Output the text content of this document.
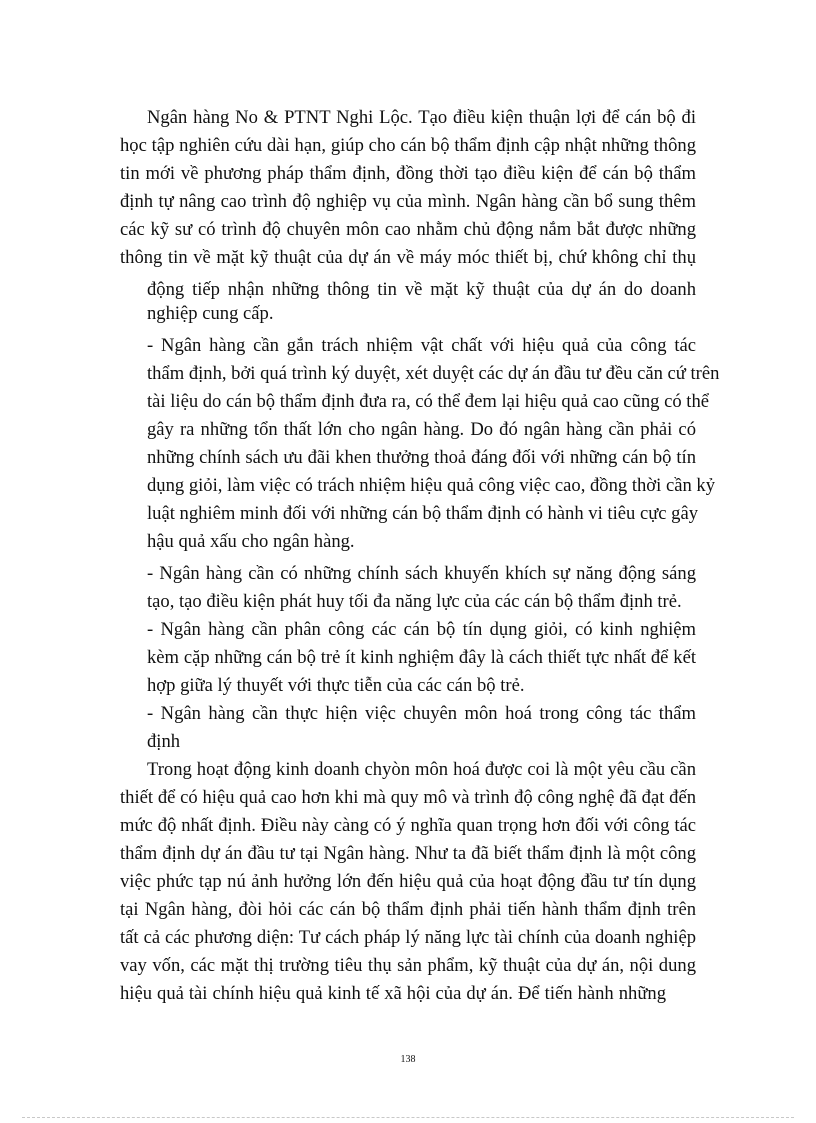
Ngân hàng No & PTNT Nghi Lộc. Tạo điều kiện thuận lợi để cán bộ đi
học tập nghiên cứu dài hạn, giúp cho cán bộ thẩm định cập nhật những thông
tin mới về phương pháp thẩm định, đồng thời tạo điều kiện để cán bộ thẩm
định tự nâng cao trình độ nghiệp vụ của mình. Ngân hàng cần bổ sung thêm
các kỹ sư có trình độ chuyên môn cao nhằm chủ động nắm bắt được những
thông tin về mặt kỹ thuật của dự án về máy móc thiết bị, chứ không chỉ thụ
động tiếp nhận những thông tin về mặt kỹ thuật của dự án do doanh
nghiệp cung cấp.
- Ngân hàng cần gắn trách nhiệm vật chất với hiệu quả của công tác
thẩm định, bởi quá trình ký duyệt, xét duyệt các dự án đầu tư đều căn cứ trên
tài liệu do cán bộ thẩm định đưa ra, có thể đem lại hiệu quả cao cũng có thể
gây ra những tổn thất lớn cho ngân hàng. Do đó ngân hàng cần phải có
những chính sách ưu đãi khen thưởng thoả đáng đối với những cán bộ tín
dụng giỏi, làm việc có trách nhiệm hiệu quả công việc cao, đồng thời cần kỷ
luật nghiêm minh đối với những cán bộ thẩm định có hành vi tiêu cực gây
hậu quả xấu cho ngân hàng.
- Ngân hàng cần có những chính sách khuyến khích sự năng động sáng
tạo, tạo điều kiện phát huy tối đa năng lực của các cán bộ thẩm định trẻ.
- Ngân hàng cần phân công các cán bộ tín dụng giỏi, có kinh nghiệm
kèm cặp những cán bộ trẻ ít kinh nghiệm đây là cách thiết tực nhất để kết
hợp giữa lý thuyết với thực tiễn của các cán bộ trẻ.
- Ngân hàng cần thực hiện việc chuyên môn hoá trong công tác thẩm
định
Trong hoạt động kinh doanh chyòn môn hoá được coi là một yêu cầu cần
thiết để có hiệu quả cao hơn khi mà quy mô và trình độ công nghệ đã đạt đến
mức độ nhất định. Điều này càng có ý nghĩa quan trọng hơn đối với công tác
thẩm định dự án đầu tư tại Ngân hàng. Như ta đã biết thẩm định là một công
việc phức tạp nú ảnh hưởng lớn đến hiệu quả của hoạt động đầu tư tín dụng
tại Ngân hàng, đòi hỏi các cán bộ thẩm định phải tiến hành thẩm định trên
tất cả các phương diện: Tư cách pháp lý năng lực tài chính của doanh nghiệp
vay vốn, các mặt thị trường tiêu thụ sản phẩm, kỹ thuật của dự án, nội dung
hiệu quả tài chính hiệu quả kinh tế xã hội của dự án. Để tiến hành những
138
